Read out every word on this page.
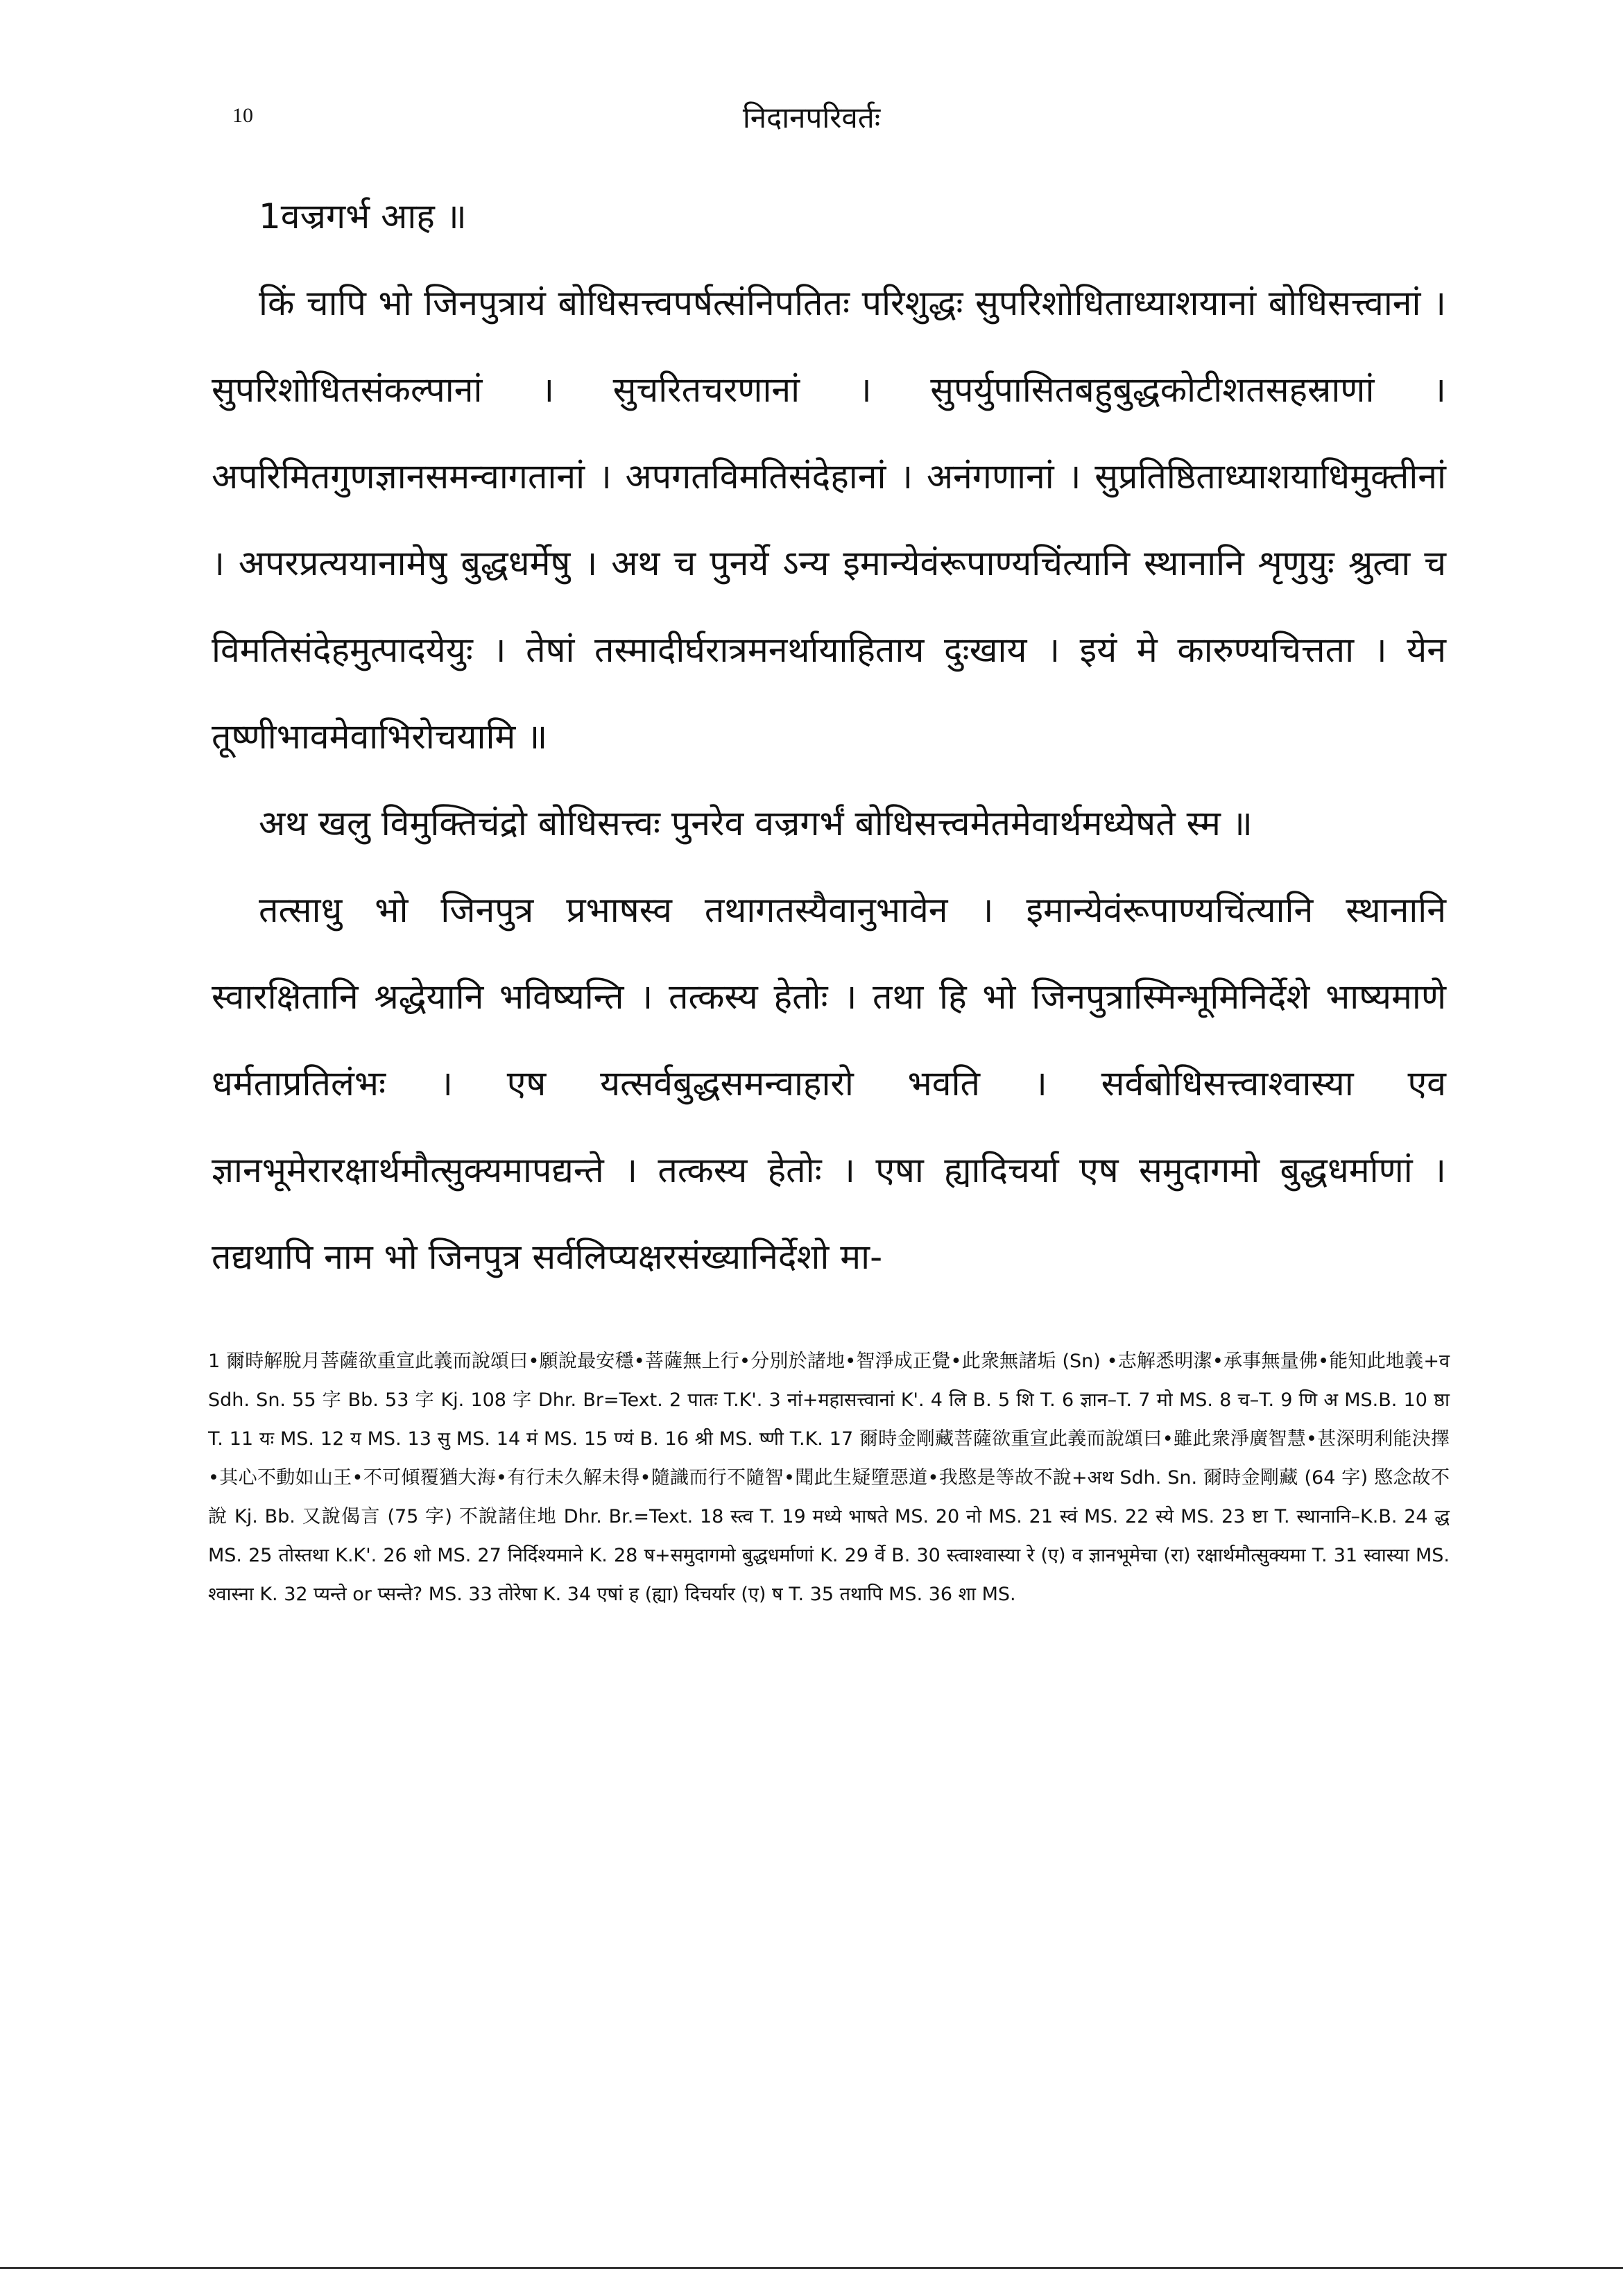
10	निदानपरिवर्तः

1वज्रगर्भ आह ॥

किं चापि भो जिनपुत्रायं बोधिसत्त्वपर्षत्संनिपतितः परिशुद्धः सुपरिशोधिताध्याशयानां बोधिसत्त्वानां । सुपरिशोधितसंकल्पानां । सुचरितचरणानां । सुपर्युपासितबहुबुद्धकोटीशतसहस्राणां । अपरिमितगुणज्ञानसमन्वागतानां । अपगतविमतिसंदेहानां । अनंगणानां । सुप्रतिष्ठिताध्याशयाधिमुक्तीनां । अपरप्रत्ययानामेषु बुद्धधर्मेषु । अथ च पुनर्ये ऽन्य इमान्येवंरूपाण्यचिंत्यानि स्थानानि शृणुयुः श्रुत्वा च विमतिसंदेहमुत्पादयेयुः । तेषां तस्मादीर्घरात्रमनर्थायाहिताय दुःखाय । इयं मे कारुण्यचित्तता । येन तूष्णीभावमेवाभिरोचयामि ॥

अथ खलु विमुक्तिचंद्रो बोधिसत्त्वः पुनरेव वज्रगर्भं बोधिसत्त्वमेतमेवार्थमध्येषते स्म ॥

तत्साधु भो जिनपुत्र प्रभाषस्व तथागतस्यैवानुभावेन । इमान्येवंरूपाण्यचिंत्यानि स्थानानि स्वारक्षितानि श्रद्धेयानि भविष्यन्ति । तत्कस्य हेतोः । तथा हि भो जिनपुत्रास्मिन्भूमिनिर्देशे भाष्यमाणे धर्मताप्रतिलंभः । एष यत्सर्वबुद्धसमन्वाहारो भवति । सर्वबोधिसत्त्वाश्वास्या एव ज्ञानभूमेरारक्षार्थमौत्सुक्यमापद्यन्ते । तत्कस्य हेतोः । एषा ह्यादिचर्या एष समुदागमो बुद्धधर्माणां । तद्यथापि नाम भो जिनपुत्र सर्वलिप्यक्षरसंख्यानिर्देशो मा-

1 爾時解脫月菩薩欲重宣此義而說頌曰•願說最安穩•菩薩無上行•分別於諸地•智淨成正覺•此衆無諸垢 (Sn) •志解悉明潔•承事無量佛•能知此地義+व Sdh. Sn. 55 字 Bb. 53 字 Kj. 108 字 Dhr. Br=Text. 2 पातः T.K'. 3 नां+महासत्त्वानां K'. 4 लि B. 5 शि T. 6 ज्ञान–T. 7 मो MS. 8 च–T. 9 णि अ MS.B. 10 ष्ठा T. 11 यः MS. 12 य MS. 13 सु MS. 14 मं MS. 15 ण्यं B. 16 श्री MS. ष्णी T.K. 17 爾時金剛藏菩薩欲重宣此義而說頌曰•雖此衆淨廣智慧•甚深明利能決擇•其心不動如山王•不可傾覆猶大海•有行未久解未得•隨識而行不隨智•聞此生疑墮惡道•我愍是等故不說+अथ Sdh. Sn. 爾時金剛藏 (64 字) 愍念故不說 Kj. Bb. 又說偈言 (75 字) 不說諸住地 Dhr. Br.=Text. 18 स्त्व T. 19 मध्ये भाषते MS. 20 नो MS. 21 स्वं MS. 22 स्ये MS. 23 ष्टा T. स्थानानि–K.B. 24 द्ध MS. 25 तोस्तथा K.K'. 26 शो MS. 27 निर्दिश्यमाने K. 28 ष+समुदागमो बुद्धधर्माणां K. 29 र्वे B. 30 स्त्वाश्वास्या रे (ए) व ज्ञानभूमेचा (रा) रक्षार्थमौत्सुक्यमा T. 31 स्वास्या MS. श्वास्ना K. 32 प्यन्ते or प्सन्ते? MS. 33 तोरेषा K. 34 एषां ह (ह्या) दिचर्यार (ए) ष T. 35 तथापि MS. 36 शा MS.
